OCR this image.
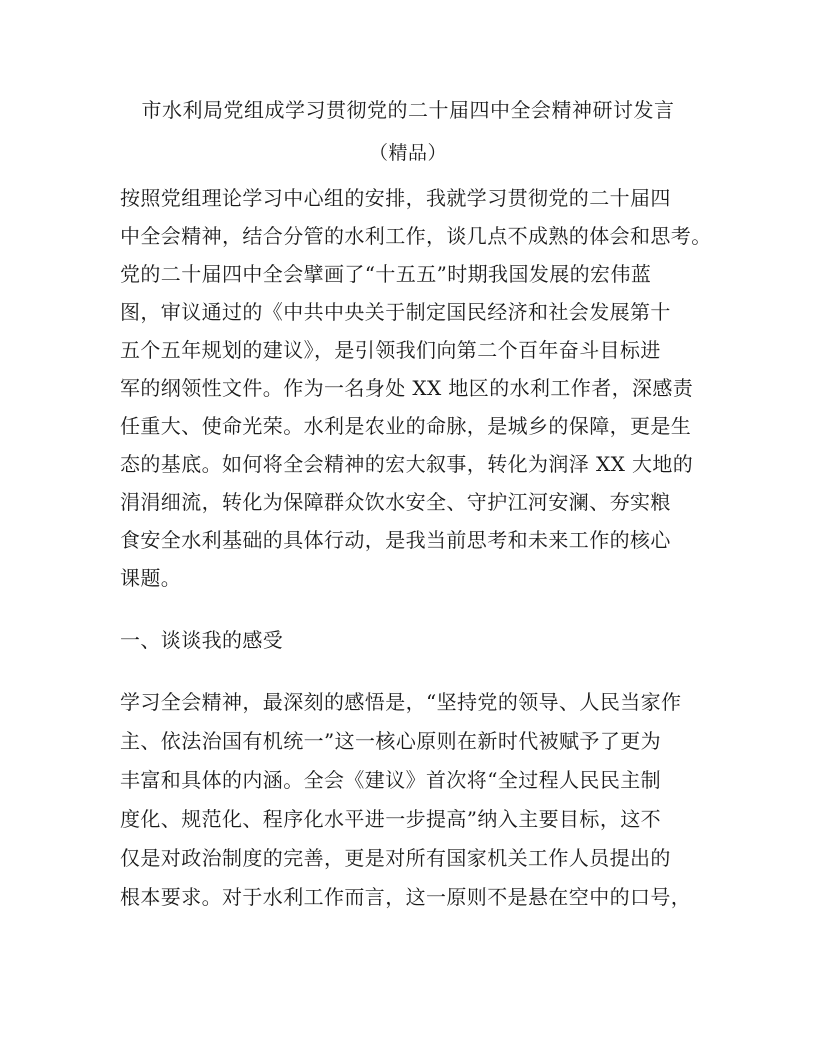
市水利局党组成学习贯彻党的二十届四中全会精神研讨发言
（精品）
按照党组理论学习中心组的安排，我就学习贯彻党的二十届四
中全会精神，结合分管的水利工作，谈几点不成熟的体会和思考。
党的二十届四中全会擘画了“十五五”时期我国发展的宏伟蓝
图，审议通过的《中共中央关于制定国民经济和社会发展第十
五个五年规划的建议》，是引领我们向第二个百年奋斗目标进
军的纲领性文件。作为一名身处 XX 地区的水利工作者，深感责
任重大、使命光荣。水利是农业的命脉，是城乡的保障，更是生
态的基底。如何将全会精神的宏大叙事，转化为润泽 XX 大地的
涓涓细流，转化为保障群众饮水安全、守护江河安澜、夯实粮
食安全水利基础的具体行动，是我当前思考和未来工作的核心
课题。
一、谈谈我的感受
学习全会精神，最深刻的感悟是，“坚持党的领导、人民当家作
主、依法治国有机统一”这一核心原则在新时代被赋予了更为
丰富和具体的内涵。全会《建议》首次将“全过程人民民主制
度化、规范化、程序化水平进一步提高”纳入主要目标，这不
仅是对政治制度的完善，更是对所有国家机关工作人员提出的
根本要求。对于水利工作而言，这一原则不是悬在空中的口号，
